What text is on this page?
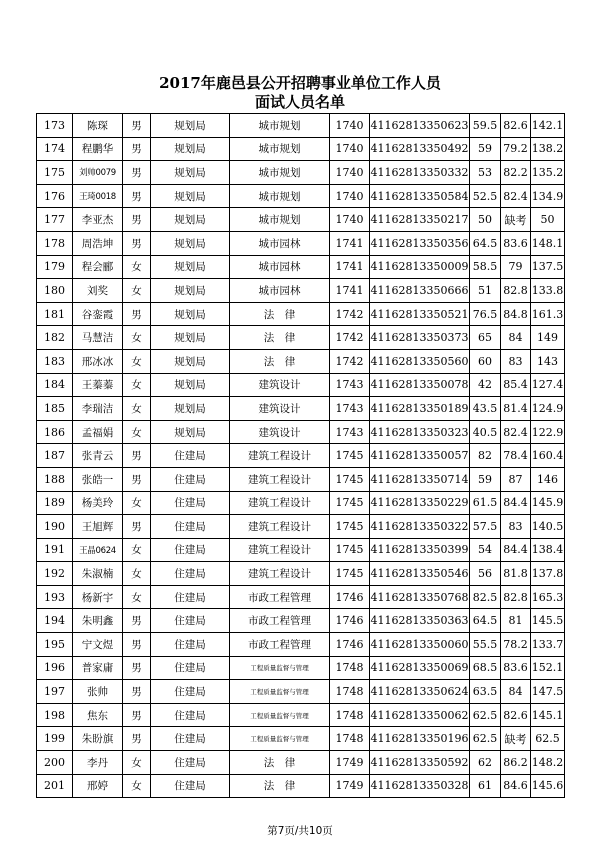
2017年鹿邑县公开招聘事业单位工作人员
面试人员名单
173	陈琛	男	规划局	城市规划	1740	41162813350623	59.5	82.6	142.1
174	程鹏华	男	规划局	城市规划	1740	41162813350492	59	79.2	138.2
175	刘帅0079	男	规划局	城市规划	1740	41162813350332	53	82.2	135.2
176	王琦0018	男	规划局	城市规划	1740	41162813350584	52.5	82.4	134.9
177	李亚杰	男	规划局	城市规划	1740	41162813350217	50	缺考	50
178	周浩坤	男	规划局	城市园林	1741	41162813350356	64.5	83.6	148.1
179	程会郦	女	规划局	城市园林	1741	41162813350009	58.5	79	137.5
180	刘奖	女	规划局	城市园林	1741	41162813350666	51	82.8	133.8
181	谷銮霞	男	规划局	法　律	1742	41162813350521	76.5	84.8	161.3
182	马慧洁	女	规划局	法　律	1742	41162813350373	65	84	149
183	邢冰冰	女	规划局	法　律	1742	41162813350560	60	83	143
184	王蓁蓁	女	规划局	建筑设计	1743	41162813350078	42	85.4	127.4
185	李瑞洁	女	规划局	建筑设计	1743	41162813350189	43.5	81.4	124.9
186	孟福娟	女	规划局	建筑设计	1743	41162813350323	40.5	82.4	122.9
187	张青云	男	住建局	建筑工程设计	1745	41162813350057	82	78.4	160.4
188	张皓一	男	住建局	建筑工程设计	1745	41162813350714	59	87	146
189	杨美玲	女	住建局	建筑工程设计	1745	41162813350229	61.5	84.4	145.9
190	王旭辉	男	住建局	建筑工程设计	1745	41162813350322	57.5	83	140.5
191	王晶0624	女	住建局	建筑工程设计	1745	41162813350399	54	84.4	138.4
192	朱淑楠	女	住建局	建筑工程设计	1745	41162813350546	56	81.8	137.8
193	杨新宇	女	住建局	市政工程管理	1746	41162813350768	82.5	82.8	165.3
194	朱明鑫	男	住建局	市政工程管理	1746	41162813350363	64.5	81	145.5
195	宁文煜	男	住建局	市政工程管理	1746	41162813350060	55.5	78.2	133.7
196	普家庸	男	住建局	工程质量监督与管理	1748	41162813350069	68.5	83.6	152.1
197	张帅	男	住建局	工程质量监督与管理	1748	41162813350624	63.5	84	147.5
198	焦东	男	住建局	工程质量监督与管理	1748	41162813350062	62.5	82.6	145.1
199	朱盼旗	男	住建局	工程质量监督与管理	1748	41162813350196	62.5	缺考	62.5
200	李丹	女	住建局	法　律	1749	41162813350592	62	86.2	148.2
201	邢婷	女	住建局	法　律	1749	41162813350328	61	84.6	145.6
第7页/共10页
